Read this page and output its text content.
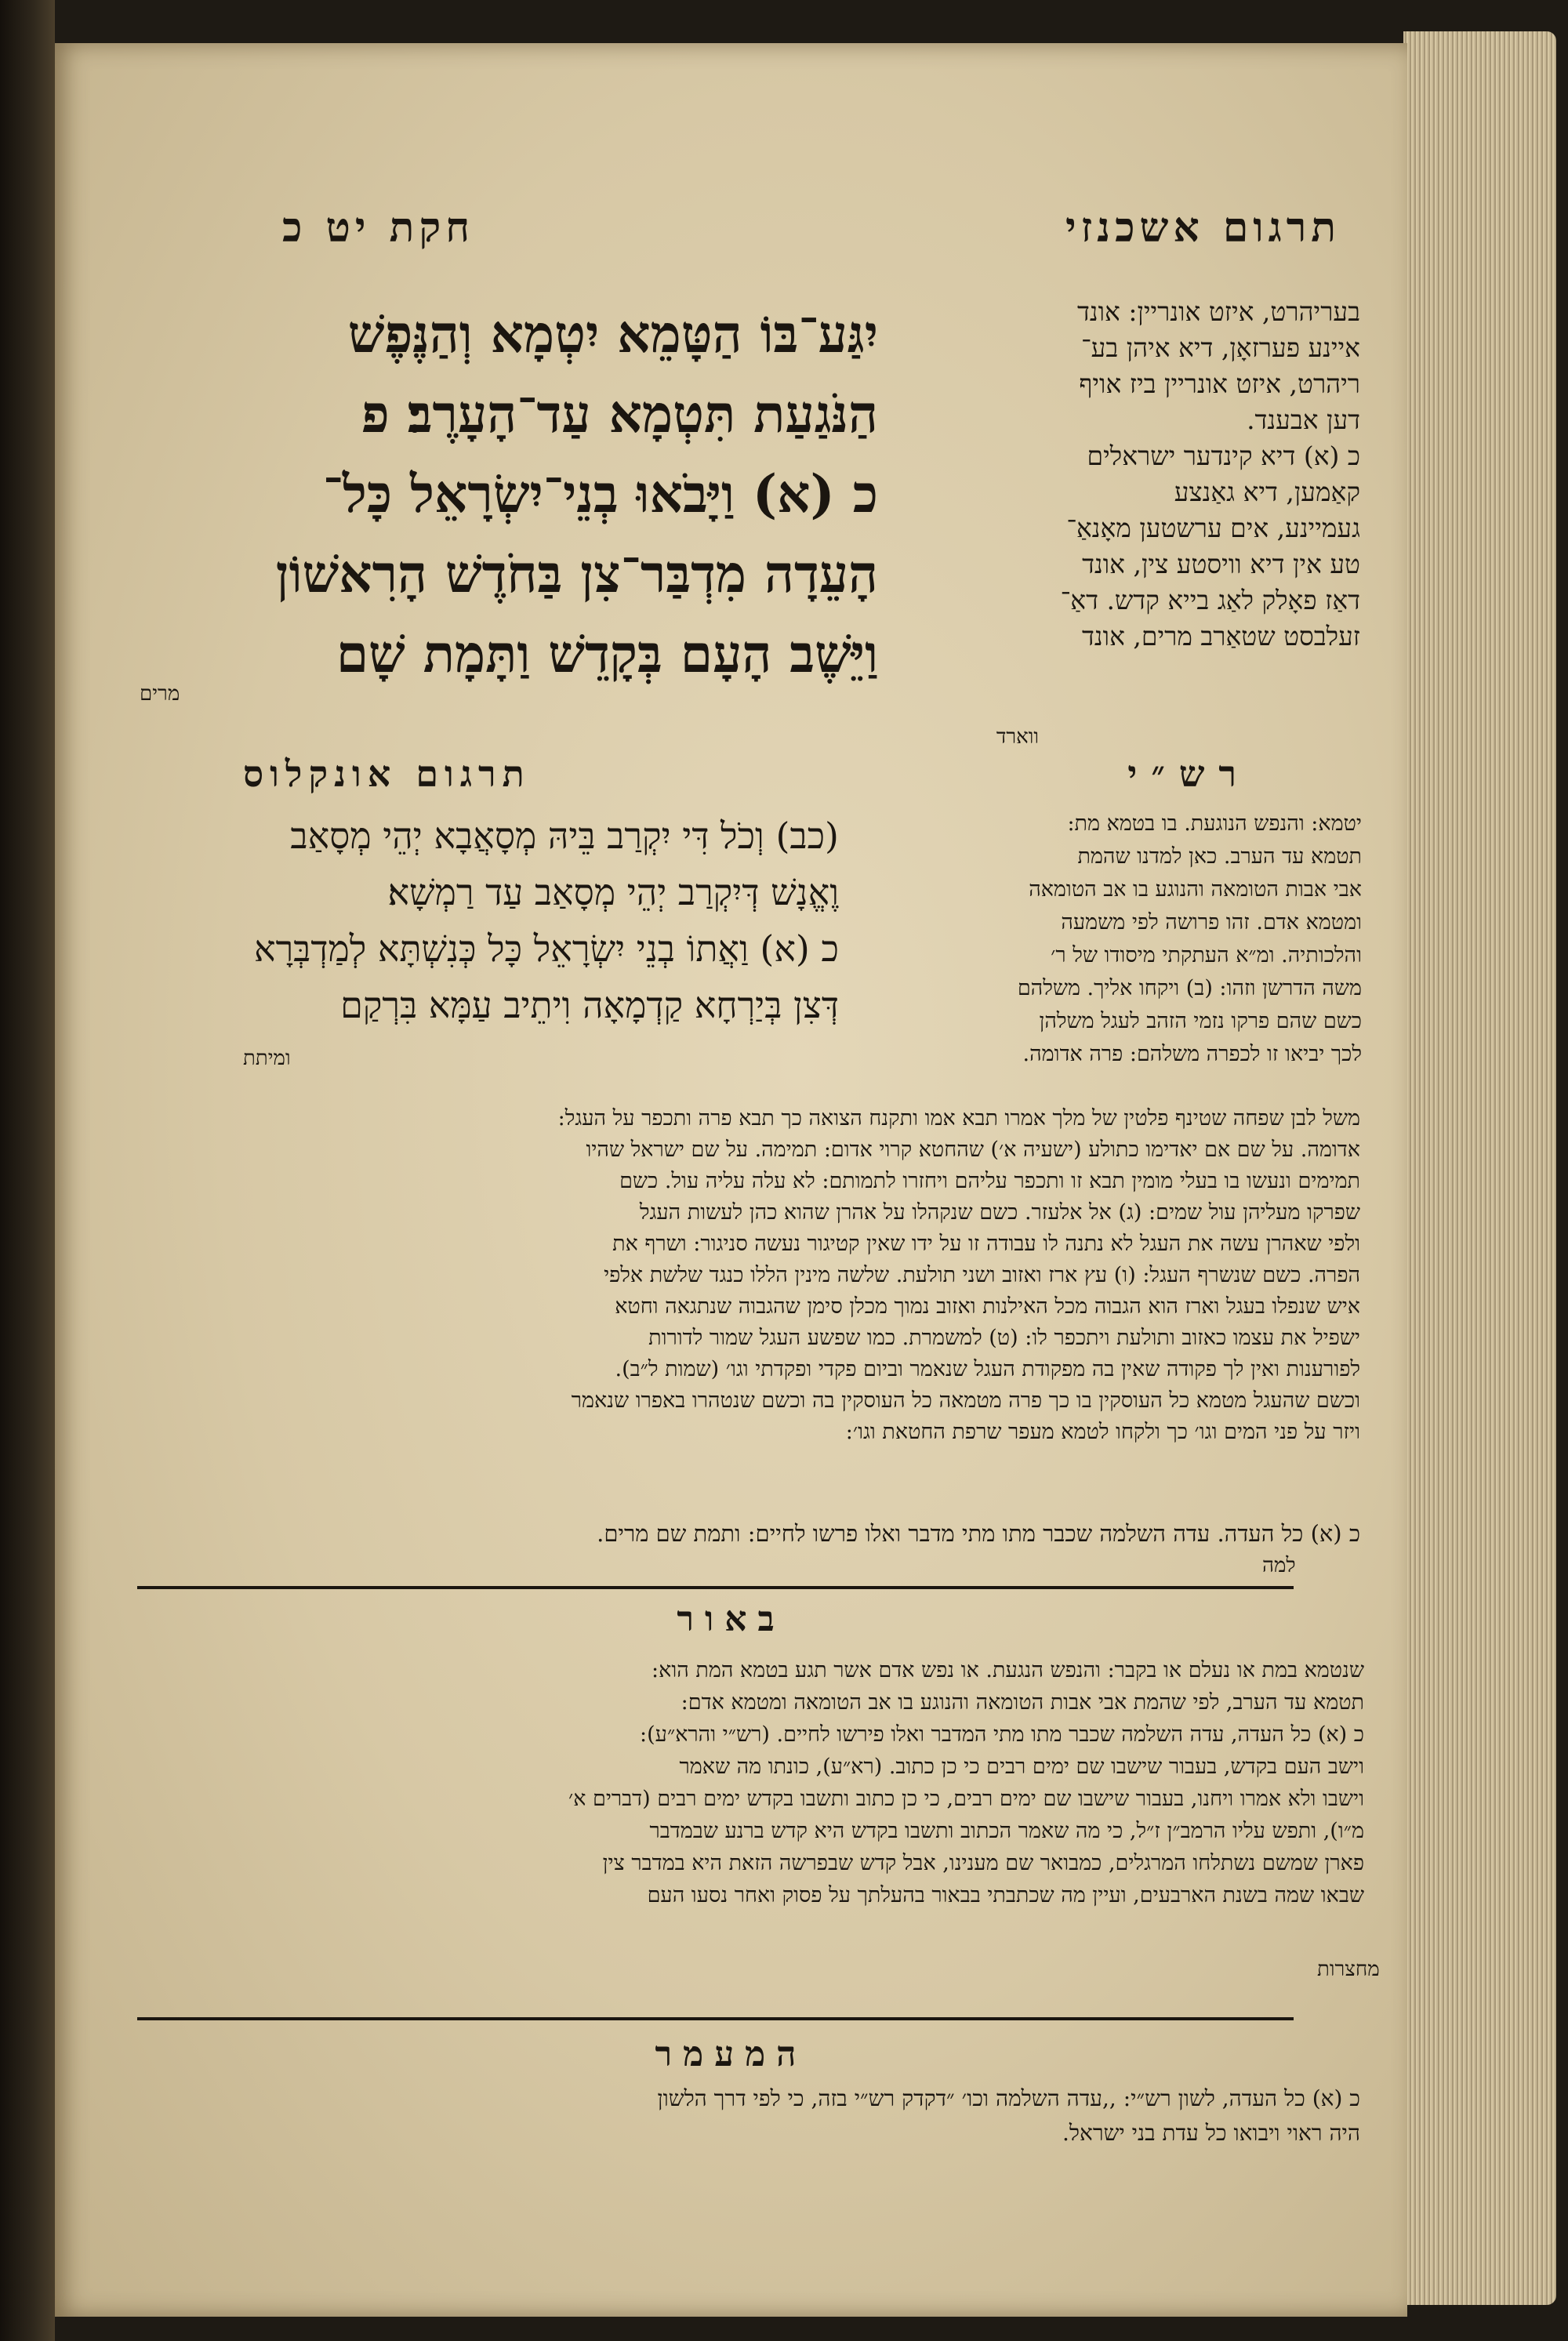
חקת יט כ	תרגום אשכנזי
יִגַּע־בּוֹ הַטָּמֵא יִטְמָא וְהַנֶּפֶשׁ
הַנֹּגַעַת תִּטְמָא עַד־הָעָרֶב׃ פ
כ (א) וַיָּבֹאוּ בְנֵי־יִשְׂרָאֵל כָּל־
הָעֵדָה מִדְבַּר־צִן בַּחֹדֶשׁ הָרִאשׁוֹן
וַיֵּשֶׁב הָעָם בְּקָדֵשׁ וַתָּמָת שָׁם
מרים
בעריהרט, איזט אונריין: אונד
איינע פערזאָן, דיא איהן בע־
ריהרט, איזט אונריין ביז אויף
דען אבענד.
כ (א) דיא קינדער ישראלים
קאַמען, דיא גאַנצע
געמיינע, אים ערשטען מאָנאַ־
טע אין דיא וויסטע צין, אונד
דאַז פאָלק לאַג בייא קדש. דאַ־
זעלבסט שטאַרב מרים, אונד
ווארד
תרגום אונקלוס
(כב) וְכֹל דִּי יִקְרַב בֵּיהּ מְסָאֲבָא יְהֵי מְסָאַב
וֶאֱנָשׁ דְּיִקְרַב יְהֵי מְסָאַב עַד רַמְשָׁא׃
כ (א) וַאֲתוֹ בְנֵי יִשְׂרָאֵל כָּל כְּנִשְׁתָּא לְמַדְבְּרָא
דְּצִן בְּיַרְחָא קַדְמָאָה וִיתֵיב עַמָּא בִּרְקַם
ומיתת
רש״י
יטמא: והנפש הנוגעת. בו בטמא מת:
תטמא עד הערב. כאן למדנו שהמת
אבי אבות הטומאה והנוגע בו אב הטומאה
ומטמא אדם. זהו פרושה לפי משמעה
והלכותיה. ומ״א העתקתי מיסודו של ר׳
משה הדרשן וזהו: (ב) ויקחו אליך. משלהם
כשם שהם פרקו נזמי הזהב לעגל משלהן
לכך יביאו זו לכפרה משלהם: פרה אדומה.
משל לבן שפחה שטינף פלטין של מלך אמרו תבא אמו ותקנח הצואה כך תבא פרה ותכפר על העגל:
אדומה. על שם אם יאדימו כתולע (ישעיה א׳) שהחטא קרוי אדום: תמימה. על שם ישראל שהיו
תמימים ונעשו בו בעלי מומין תבא זו ותכפר עליהם ויחזרו לתמותם: לא עלה עליה עול. כשם
שפרקו מעליהן עול שמים: (ג) אל אלעזר. כשם שנקהלו על אהרן שהוא כהן לעשות העגל
ולפי שאהרן עשה את העגל לא נתנה לו עבודה זו על ידו שאין קטיגור נעשה סניגור: ושרף את
הפרה. כשם שנשרף העגל: (ו) עץ ארז ואזוב ושני תולעת. שלשה מינין הללו כנגד שלשת אלפי
איש שנפלו בעגל וארז הוא הגבוה מכל האילנות ואזוב נמוך מכלן סימן שהגבוה שנתגאה וחטא
ישפיל את עצמו כאזוב ותולעת ויתכפר לו: (ט) למשמרת. כמו שפשע העגל שמור לדורות
לפורענות ואין לך פקודה שאין בה מפקודת העגל שנאמר וביום פקדי ופקדתי וגו׳ (שמות ל״ב).
וכשם שהעגל מטמא כל העוסקין בו כך פרה מטמאה כל העוסקין בה וכשם שנטהרו באפרו שנאמר
ויזר על פני המים וגו׳ כך ולקחו לטמא מעפר שרפת החטאת וגו׳:
כ (א) כל העדה. עדה השלמה שכבר מתו מתי מדבר ואלו פרשו לחיים: ותמת שם מרים.
למה
באור
שנטמא במת או נעלם או בקבר: והנפש הנגעת. או נפש אדם אשר תגע בטמא המת הוא:
תטמא עד הערב, לפי שהמת אבי אבות הטומאה והנוגע בו אב הטומאה ומטמא אדם:
כ (א) כל העדה, עדה השלמה שכבר מתו מתי המדבר ואלו פירשו לחיים. (רש״י והרא״ע):
וישב העם בקדש, בעבור שישבו שם ימים רבים כי כן כתוב. (רא״ע), כונתו מה שאמר
וישבו ולא אמרו ויחנו, בעבור שישבו שם ימים רבים, כי כן כתוב ותשבו בקדש ימים רבים (דברים א׳
מ״ו), ותפש עליו הרמב״ן ז״ל, כי מה שאמר הכתוב ותשבו בקדש היא קדש ברנע שבמדבר
פארן שמשם נשתלחו המרגלים, כמבואר שם מענינו, אבל קדש שבפרשה הזאת היא במדבר צין
שבאו שמה בשנת הארבעים, ועיין מה שכתבתי בבאור בהעלתך על פסוק ואחר נסעו העם
מחצרות
המעמר
כ (א) כל העדה, לשון רש״י: ,,עדה השלמה וכו׳ ״דקדק רש״י בזה, כי לפי דרך הלשון
היה ראוי ויבואו כל עדת בני ישראל.
